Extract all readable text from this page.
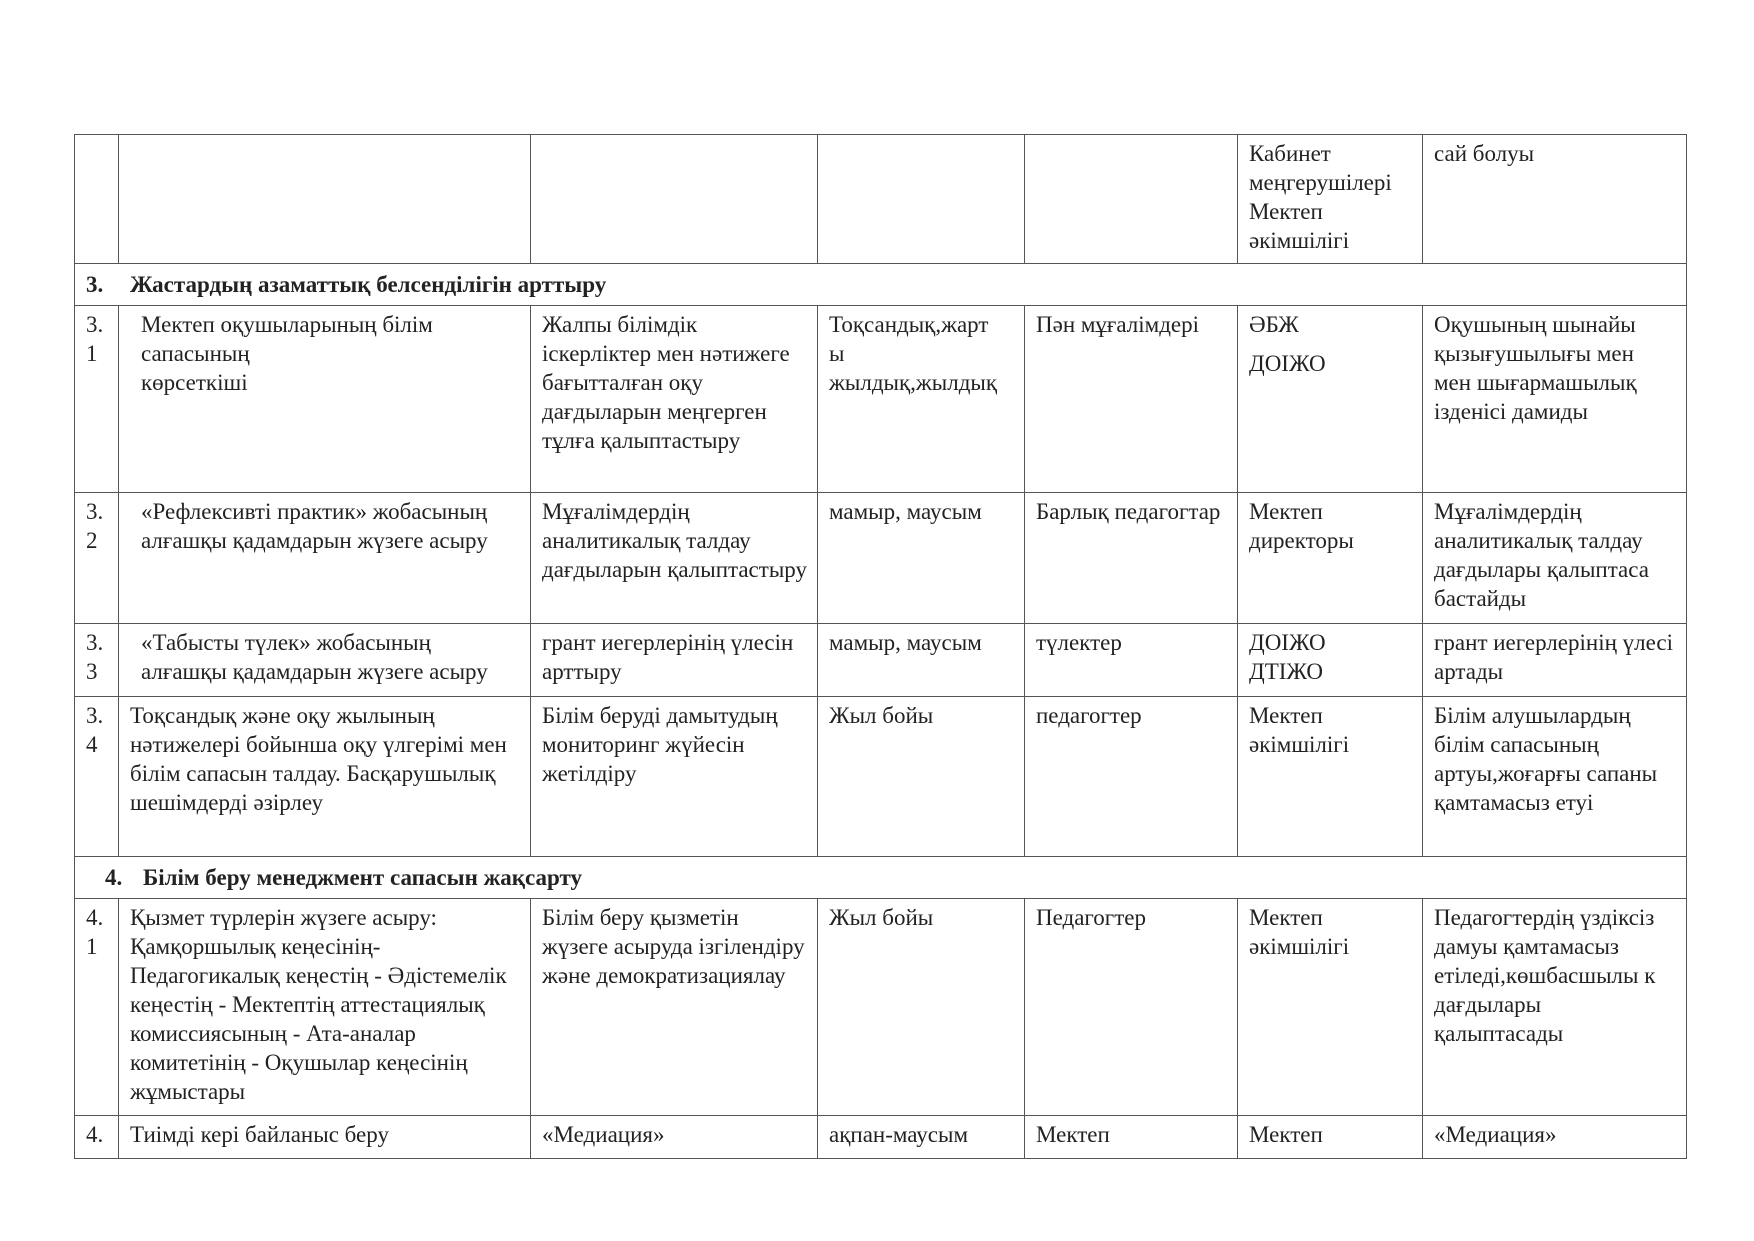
					Кабинет
меңгерушілері
Мектеп
әкімшілігі	сай болуы
3. Жастардың азаматтық белсенділігін арттыру						
3.
1	Мектеп оқушыларының білім
сапасының
көрсеткіші	Жалпы білімдік іскерліктер мен нәтижеге бағытталған оқу дағдыларын меңгерген тұлға қалыптастыру	Тоқсандық,жарт
ы
жылдық,жылдық	Пән мұғалімдері	ӘБЖ
ДОІЖО	Оқушының шынайы қызығушылығы мен мен шығармашылық ізденісі дамиды
3.
2	«Рефлексивті практик» жобасының алғашқы қадамдарын жүзеге асыру	Мұғалімдердің аналитикалық талдау дағдыларын қалыптастыру	мамыр, маусым	Барлық педагогтар	Мектеп директоры	Мұғалімдердің аналитикалық талдау дағдылары қалыптаса бастайды
3.
3	«Табысты түлек» жобасының алғашқы қадамдарын жүзеге асыру	грант иегерлерінің үлесін арттыру	мамыр, маусым	түлектер	ДОІЖО
ДТІЖО	грант иегерлерінің үлесі артады
3.
4	Тоқсандық және оқу жылының нәтижелері бойынша оқу үлгерімі мен білім сапасын талдау. Басқарушылық шешімдерді әзірлеу	Білім беруді дамытудың мониторинг жүйесін жетілдіру	Жыл бойы	педагогтер	Мектеп әкімшілігі	Білім алушылардың білім сапасының артуы,жоғарғы сапаны қамтамасыз етуі
4. Білім беру менеджмент сапасын жақсарту						
4.
1	Қызмет түрлерін жүзеге асыру: Қамқоршылық кеңесінің-Педагогикалық кеңестің - Әдістемелік кеңестің - Мектептің аттестациялық комиссиясының - Ата-аналар комитетінің - Оқушылар кеңесінің жұмыстары	Білім беру қызметін жүзеге асыруда ізгілендіру және демократизациялау	Жыл бойы	Педагогтер	Мектеп әкімшілігі	Педагогтердің үздіксіз дамуы қамтамасыз етіледі,көшбасшылы к дағдылары қалыптасады
4.	Тиімді кері байланыс беру	«Медиация»	ақпан-маусым	Мектеп	Мектеп	«Медиация»
